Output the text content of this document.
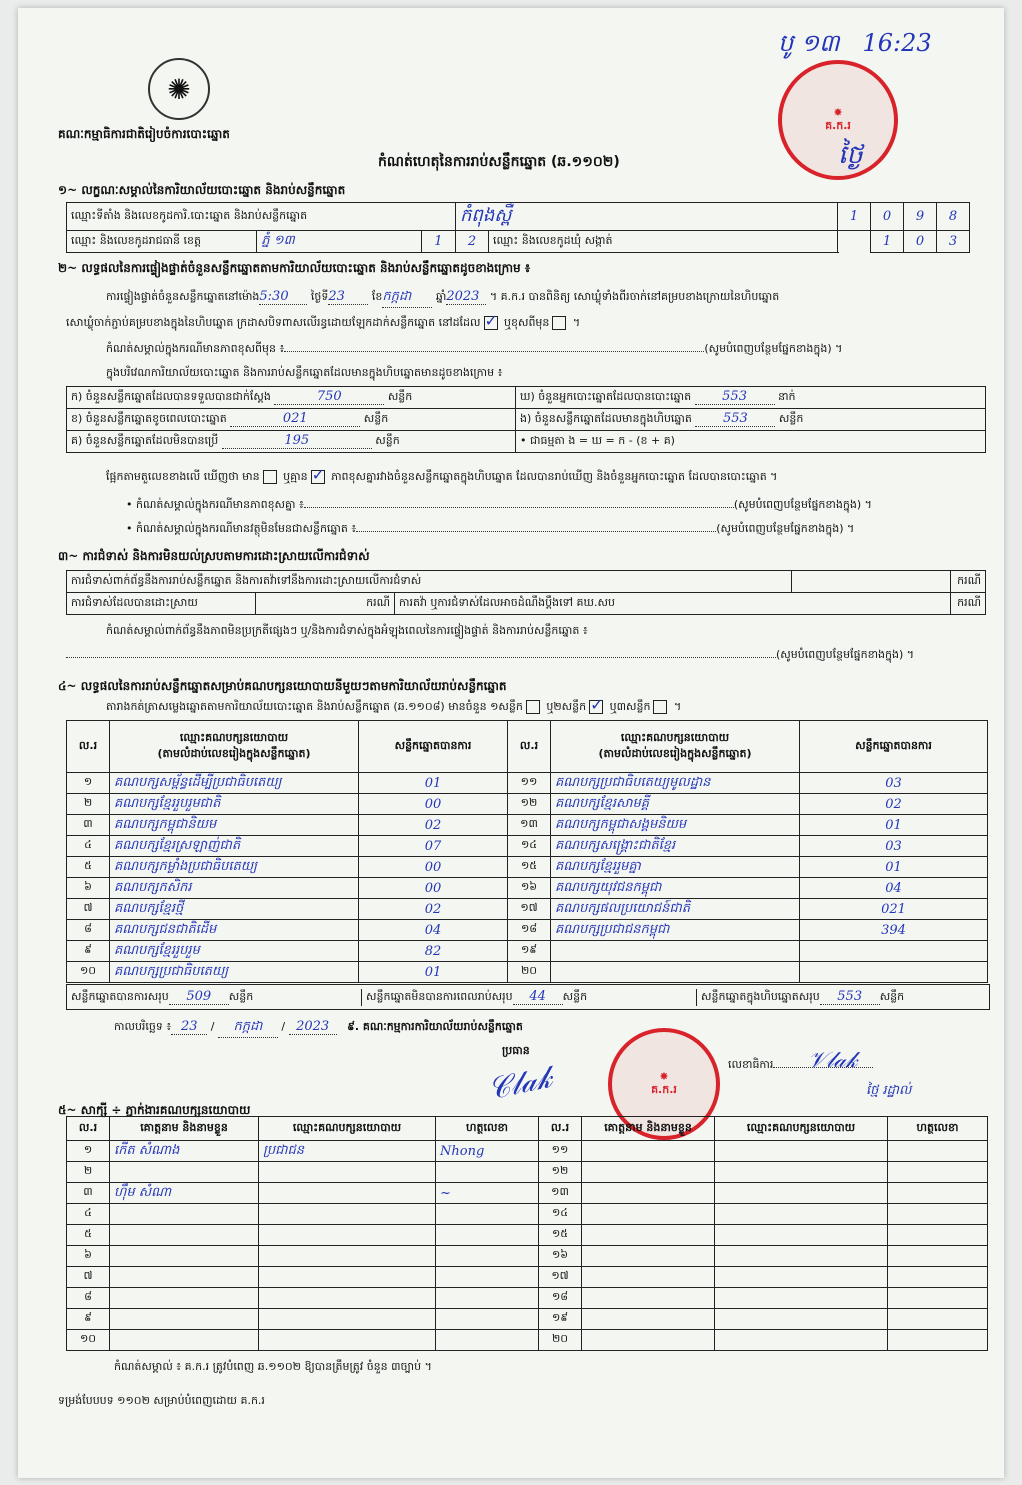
✺
គណៈកម្មាធិការជាតិរៀបចំការបោះឆ្នោត
កំណត់ហេតុនៃការរាប់សន្លឹកឆ្នោត (ឆ.១១០២)
បូ ១៣ 16:23
✸
គ.ក.រ
ថ្ងៃ
១~ លក្ខណៈសម្គាល់នៃការិយាល័យបោះឆ្នោត និងរាប់សន្លឹកឆ្នោត
ឈ្មោះទីតាំង និងលេខកូដការិ.បោះឆ្នោត និងរាប់សន្លឹកឆ្នោត			កំពុងស្ពឺ		1	0	9	8
ឈ្មោះ និងលេខកូដរាជធានី ខេត្ត	ភ្នំ ១៣	1	2	ឈ្មោះ និងលេខកូដឃុំ សង្កាត់		1	0	3
២~ លទ្ធផលនៃការផ្ទៀងផ្ទាត់ចំនួនសន្លឹកឆ្នោតតាមការិយាល័យបោះឆ្នោត និងរាប់សន្លឹកឆ្នោតដូចខាងក្រោម ៖
ការផ្ទៀងផ្ទាត់ចំនួនសន្លឹកឆ្នោតនៅម៉ោង5:30 ថ្ងៃទី23 ខែកក្កដា ឆ្នាំ2023 ។ គ.ក.រ បានពិនិត្យ សោឃ្លុំទាំងពីរចាក់នៅគម្របខាងក្រោយនៃហិបឆ្នោត
សោឃ្លុំចាក់ភ្ជាប់គម្របខាងក្នុងនៃហិបឆ្នោត ក្រដាសបិទពាសលើរន្ធដោយឡែកដាក់សន្លឹកឆ្នោត នៅដដែល ✓ ឬខុសពីមុន ។
កំណត់សម្គាល់ក្នុងករណីមានភាពខុសពីមុន ៖	(សូមបំពេញបន្ថែមផ្នែកខាងក្នុង) ។
ក្នុងបរិវេណការិយាល័យបោះឆ្នោត និងការរាប់សន្លឹកឆ្នោតដែលមានក្នុងហិបឆ្នោតមានដូចខាងក្រោម ៖
ក) ចំនួនសន្លឹកឆ្នោតដែលបានទទួលបានជាក់ស្តែង 750 សន្លឹក	ឃ) ចំនួនអ្នកបោះឆ្នោតដែលបានបោះឆ្នោត 553 នាក់
ខ) ចំនួនសន្លឹកឆ្នោតខូចពេលបោះឆ្នោត 021 សន្លឹក	ង) ចំនួនសន្លឹកឆ្នោតដែលមានក្នុងហិបឆ្នោត 553 សន្លឹក
គ) ចំនួនសន្លឹកឆ្នោតដែលមិនបានប្រើ 195 សន្លឹក	• ជាធម្មតា ង = ឃ = ក - (ខ + គ)
ផ្អែកតាមតួលេខខាងលើ ឃើញថា មាន ឬគ្មាន ✓ ភាពខុសគ្នារវាងចំនួនសន្លឹកឆ្នោតក្នុងហិបឆ្នោត ដែលបានរាប់ឃើញ និងចំនួនអ្នកបោះឆ្នោត ដែលបានបោះឆ្នោត ។
• កំណត់សម្គាល់ក្នុងករណីមានភាពខុសគ្នា ៖	(សូមបំពេញបន្ថែមផ្នែកខាងក្នុង) ។
• កំណត់សម្គាល់ក្នុងករណីមានវត្ថុមិនមែនជាសន្លឹកឆ្នោត ៖	(សូមបំពេញបន្ថែមផ្នែកខាងក្នុង) ។
៣~ ការជំទាស់ និងការមិនយល់ស្របតាមការដោះស្រាយលើការជំទាស់
ការជំទាស់ពាក់ព័ន្ធនឹងការរាប់សន្លឹកឆ្នោត និងការតវ៉ាទៅនឹងការដោះស្រាយលើការជំទាស់				ករណី
ការជំទាស់ដែលបានដោះស្រាយ	ករណី	ការតវ៉ា ឬការជំទាស់ដែលអាចដំណឹងប្តឹងទៅ គឃ.សប		ករណី
កំណត់សម្គាល់ពាក់ព័ន្ធនឹងភាពមិនប្រក្រតីផ្សេងៗ ឬ/និងការជំទាស់ក្នុងអំឡុងពេលនៃការផ្ទៀងផ្ទាត់ និងការរាប់សន្លឹកឆ្នោត ៖
(សូមបំពេញបន្ថែមផ្នែកខាងក្នុង) ។
៤~ លទ្ធផលនៃការរាប់សន្លឹកឆ្នោតសម្រាប់គណបក្សនយោបាយនីមួយៗតាមការិយាល័យរាប់សន្លឹកឆ្នោត
តារាងកត់ត្រាសម្លេងឆ្នោតតាមការិយាល័យបោះឆ្នោត និងរាប់សន្លឹកឆ្នោត (ឆ.១១០៨) មានចំនួន ១សន្លឹក ឬ២សន្លឹក ✓ ឬ៣សន្លឹក ។
ល.រ	ឈ្មោះគណបក្សនយោបាយ
(តាមលំដាប់លេខរៀងក្នុងសន្លឹកឆ្នោត)	សន្លឹកឆ្នោតបានការ	ល.រ	ឈ្មោះគណបក្សនយោបាយ
(តាមលំដាប់លេខរៀងក្នុងសន្លឹកឆ្នោត)	សន្លឹកឆ្នោតបានការ
១	គណបក្សសម្ព័ន្ធដើម្បីប្រជាធិបតេយ្យ	01	១១	គណបក្សប្រជាធិបតេយ្យមូលដ្ឋាន	03
២	គណបក្សខ្មែររួបរួមជាតិ	00	១២	គណបក្សខ្មែរសាមគ្គី	02
៣	គណបក្សកម្ពុជានិយម	02	១៣	គណបក្សកម្ពុជាសង្គមនិយម	01
៤	គណបក្សខ្មែរស្រឡាញ់ជាតិ	07	១៤	គណបក្សសង្គ្រោះជាតិខ្មែរ	03
៥	គណបក្សកម្លាំងប្រជាធិបតេយ្យ	00	១៥	គណបក្សខ្មែររួមគ្នា	01
៦	គណបក្សកសិករ	00	១៦	គណបក្សយុវជនកម្ពុជា	04
៧	គណបក្សខ្មែរថ្មី	02	១៧	គណបក្សផលប្រយោជន៍ជាតិ	021
៨	គណបក្សជនជាតិដើម	04	១៨	គណបក្សប្រជាជនកម្ពុជា	394
៩	គណបក្សខ្មែររួបរួម	82	១៩		
១០	គណបក្សប្រជាធិបតេយ្យ	01	២០		
សន្លឹកឆ្នោតបានការសរុប 509 សន្លឹក	សន្លឹកឆ្នោតមិនបានការពេលរាប់សរុប 44 សន្លឹក	សន្លឹកឆ្នោតក្នុងហិបឆ្នោតសរុប 553 សន្លឹក
កាលបរិច្ឆេទ ៖ 23 / កក្កដា / 2023 ៩. គណៈកម្មការការិយាល័យរាប់សន្លឹកឆ្នោត
ប្រធាន
✸
គ.ក.រ
𝒞𝓁𝒶𝓀	លេខាធិការ	𝒱𝓁𝒶𝓀
ថ្មៃ រដ្ឋាល់
៥~ សាក្សី ÷ ភ្នាក់ងារគណបក្សនយោបាយ
ល.រ	គោត្តនាម និងនាមខ្លួន	ឈ្មោះគណបក្សនយោបាយ	ហត្ថលេខា	ល.រ	គោត្តនាម និងនាមខ្លួន	ឈ្មោះគណបក្សនយោបាយ	ហត្ថលេខា
១	កើត សំណាង	ប្រជាជន	Nhong	១១			
២				១២			
៣	ហ៊ឹម សំណា		~	១៣			
៤				១៤			
៥				១៥			
៦				១៦			
៧				១៧			
៨				១៨			
៩				១៩			
១០				២០			
កំណត់សម្គាល់ ៖ គ.ក.រ ត្រូវបំពេញ ឆ.១១០២ ឱ្យបានត្រឹមត្រូវ ចំនួន ៣ច្បាប់ ។
ទម្រង់បែបបទ ១១០២ សម្រាប់បំពេញដោយ គ.ក.រ
